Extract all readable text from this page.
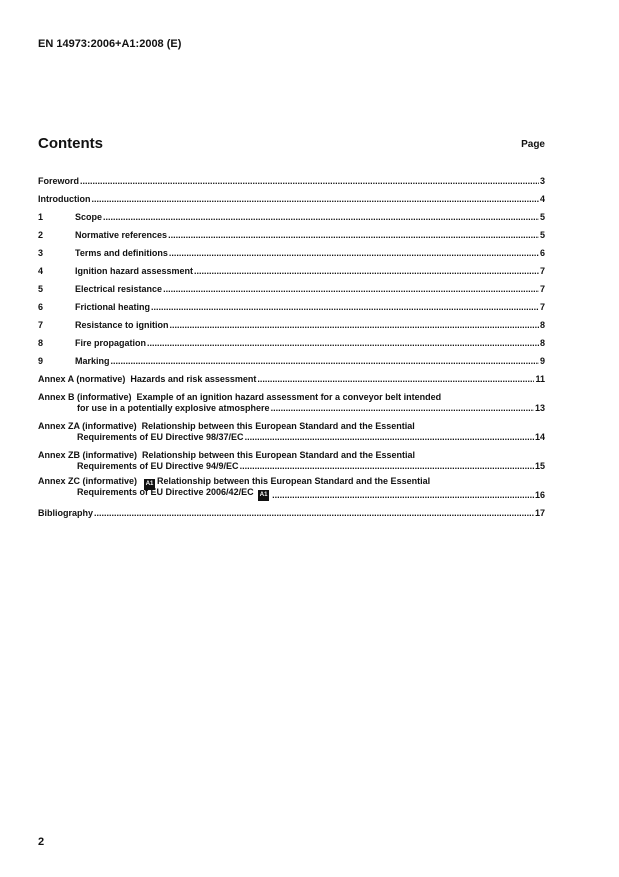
EN 14973:2006+A1:2008 (E)
Contents	Page
Foreword .....	3
Introduction .....	4
1	Scope .....	5
2	Normative references .....	5
3	Terms and definitions .....	6
4	Ignition hazard assessment .....	7
5	Electrical resistance .....	7
6	Frictional heating .....	7
7	Resistance to ignition .....	8
8	Fire propagation .....	8
9	Marking .....	9
Annex A (normative)  Hazards and risk assessment .....	11
Annex B (informative)  Example of an ignition hazard assessment for a conveyor belt intended
for use in a potentially explosive atmosphere .....	13
Annex ZA (informative)  Relationship between this European Standard and the Essential
Requirements of EU Directive 98/37/EC .....	14
Annex ZB (informative)  Relationship between this European Standard and the Essential
Requirements of EU Directive 94/9/EC .....	15
Annex ZC (informative) A1 Relationship between this European Standard and the Essential
Requirements of EU Directive 2006/42/EC A1 .....	16
Bibliography .....	17
2
